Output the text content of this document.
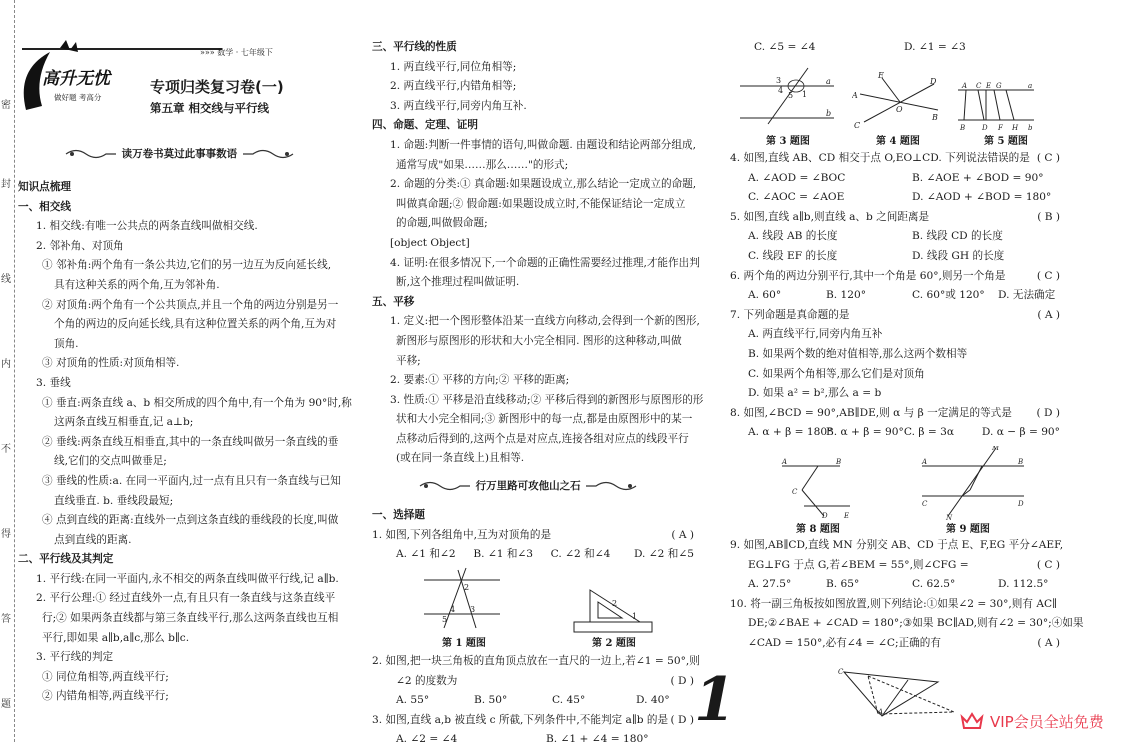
密
封
线
内
不
得
答
题
»»» 数学 · 七年级下
高升无忧
做好题 考高分
专项归类复习卷(一)
第五章 相交线与平行线
读万卷书莫过此事事数语

知识点梳理

一、相交线

1. 相交线:有唯一公共点的两条直线叫做相交线.

2. 邻补角、对顶角

① 邻补角:两个角有一条公共边,它们的另一边互为反向延长线,

具有这种关系的两个角,互为邻补角.

② 对顶角:两个角有一个公共顶点,并且一个角的两边分别是另一

个角的两边的反向延长线,具有这种位置关系的两个角,互为对

顶角.

③ 对顶角的性质:对顶角相等.

3. 垂线

① 垂直:两条直线 a、b 相交所成的四个角中,有一个角为 90°时,称

这两条直线互相垂直,记 a⊥b;

② 垂线:两条直线互相垂直,其中的一条直线叫做另一条直线的垂

线,它们的交点叫做垂足;

③ 垂线的性质:a. 在同一平面内,过一点有且只有一条直线与已知

直线垂直. b. 垂线段最短;

④ 点到直线的距离:直线外一点到这条直线的垂线段的长度,叫做

点到直线的距离.

二、平行线及其判定

1. 平行线:在同一平面内,永不相交的两条直线叫做平行线,记 a∥b.

2. 平行公理:① 经过直线外一点,有且只有一条直线与这条直线平

行;② 如果两条直线都与第三条直线平行,那么这两条直线也互相

平行,即如果 a∥b,a∥c,那么 b∥c.

3. 平行线的判定

① 同位角相等,两直线平行;

② 内错角相等,两直线平行;

三、平行线的性质

1. 两直线平行,同位角相等;

2. 两直线平行,内错角相等;

3. 两直线平行,同旁内角互补.

四、命题、定理、证明

1. 命题:判断一件事情的语句,叫做命题. 由题设和结论两部分组成,

通常写成"如果……那么……"的形式;

2. 命题的分类:① 真命题:如果题设成立,那么结论一定成立的命题,

叫做真命题;② 假命题:如果题设成立时,不能保证结论一定成立

的命题,叫做假命题;

[object Object]

4. 证明:在很多情况下,一个命题的正确性需要经过推理,才能作出判

断,这个推理过程叫做证明.

五、平移

1. 定义:把一个图形整体沿某一直线方向移动,会得到一个新的图形,

新图形与原图形的形状和大小完全相同. 图形的这种移动,叫做

平移;

2. 要素:① 平移的方向;② 平移的距离;

3. 性质:① 平移是沿直线移动;② 平移后得到的新图形与原图形的形

状和大小完全相同;③ 新图形中的每一点,都是由原图形中的某一

点移动后得到的,这两个点是对应点,连接各组对应点的线段平行

(或在同一条直线上)且相等.

行万里路可攻他山之石

一、选择题

1. 如图,下列各组角中,互为对顶角的是	( A )

A. ∠1 和∠2	B. ∠1 和∠3	C. ∠2 和∠4	D. ∠2 和∠5

2
4 3
5
第 1 题图
2
1
第 2 题图

2. 如图,把一块三角板的直角顶点放在一直尺的一边上,若∠1 = 50°,则

∠2 的度数为	( D )

A. 55°	B. 50°	C. 45°	D. 40°

3. 如图,直线 a,b 被直线 c 所截,下列条件中,不能判定 a∥b 的是 ( D )

A. ∠2 = ∠4	B. ∠1 + ∠4 = 180°

1

C. ∠5 = ∠4	D. ∠1 = ∠3

3
4
5 1
a
b
第 3 题图
A
E
C
D
B
O
第 4 题图
A C E G
B D F H
a
b
第 5 题图

4. 如图,直线 AB、CD 相交于点 O,EO⊥CD. 下列说法错误的是 ( C )

A. ∠AOD = ∠BOC	B. ∠AOE + ∠BOD = 90°

C. ∠AOC = ∠AOE	D. ∠AOD + ∠BOD = 180°

5. 如图,直线 a∥b,则直线 a、b 之间距离是	( B )

A. 线段 AB 的长度	B. 线段 CD 的长度

C. 线段 EF 的长度	D. 线段 GH 的长度

6. 两个角的两边分别平行,其中一个角是 60°,则另一个角是	( C )

A. 60°	B. 120°	C. 60°或 120°	D. 无法确定

7. 下列命题是真命题的是	( A )

A. 两直线平行,同旁内角互补

B. 如果两个数的绝对值相等,那么这两个数相等

C. 如果两个角相等,那么它们是对顶角

D. 如果 a² = b²,那么 a = b

8. 如图,∠BCD = 90°,AB∥DE,则 α 与 β 一定满足的等式是 ( D )

A. α + β = 180°
B. α + β = 90° C. β = 3α	D. α − β = 90°

A	B
C
D E
第 8 题图
M
A	B
C	D
N
第 9 题图

9. 如图,AB∥CD,直线 MN 分别交 AB、CD 于点 E、F,EG 平分∠AEF,

EG⊥FG 于点 G,若∠BEM = 55°,则∠CFG =	( C )

A. 27.5°	B. 65°	C. 62.5°	D. 112.5°

10. 将一副三角板按如图放置,则下列结论:①如果∠2 = 30°,则有 AC∥

DE;②∠BAE + ∠CAD = 180°;③如果 BC∥AD,则有∠2 = 30°;④如果

∠CAD = 150°,必有∠4 = ∠C;正确的有	( A )

C
A
VIP会员全站免费
